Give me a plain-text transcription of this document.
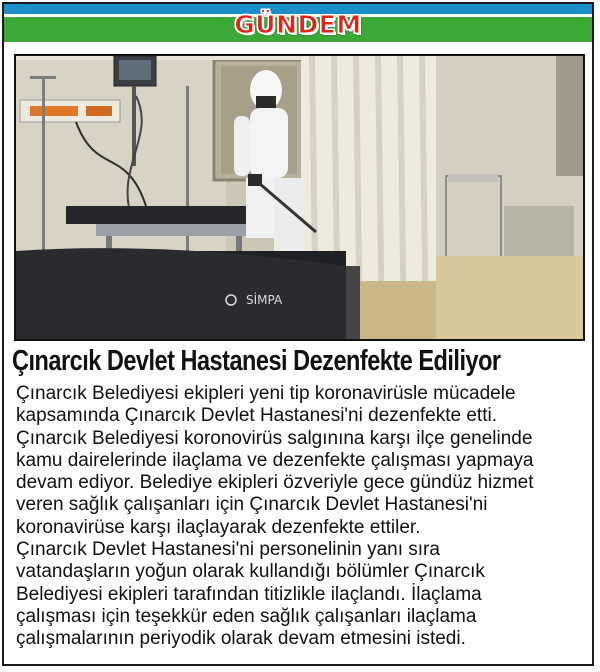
GÜNDEM
SİMPA
Çınarcık Devlet Hastanesi Dezenfekte Ediliyor
Çınarcık Belediyesi ekipleri yeni tip koronavirüsle mücadele
kapsamında Çınarcık Devlet Hastanesi'ni dezenfekte etti.
Çınarcık Belediyesi koronovirüs salgınına karşı ilçe genelinde
kamu dairelerinde ilaçlama ve dezenfekte çalışması yapmaya
devam ediyor. Belediye ekipleri özveriyle gece gündüz hizmet
veren sağlık çalışanları için Çınarcık Devlet Hastanesi'ni
koronavirüse karşı ilaçlayarak dezenfekte ettiler.
Çınarcık Devlet Hastanesi'ni personelinin yanı sıra
vatandaşların yoğun olarak kullandığı bölümler Çınarcık
Belediyesi ekipleri tarafından titizlikle ilaçlandı. İlaçlama
çalışması için teşekkür eden sağlık çalışanları ilaçlama
çalışmalarının periyodik olarak devam etmesini istedi.
